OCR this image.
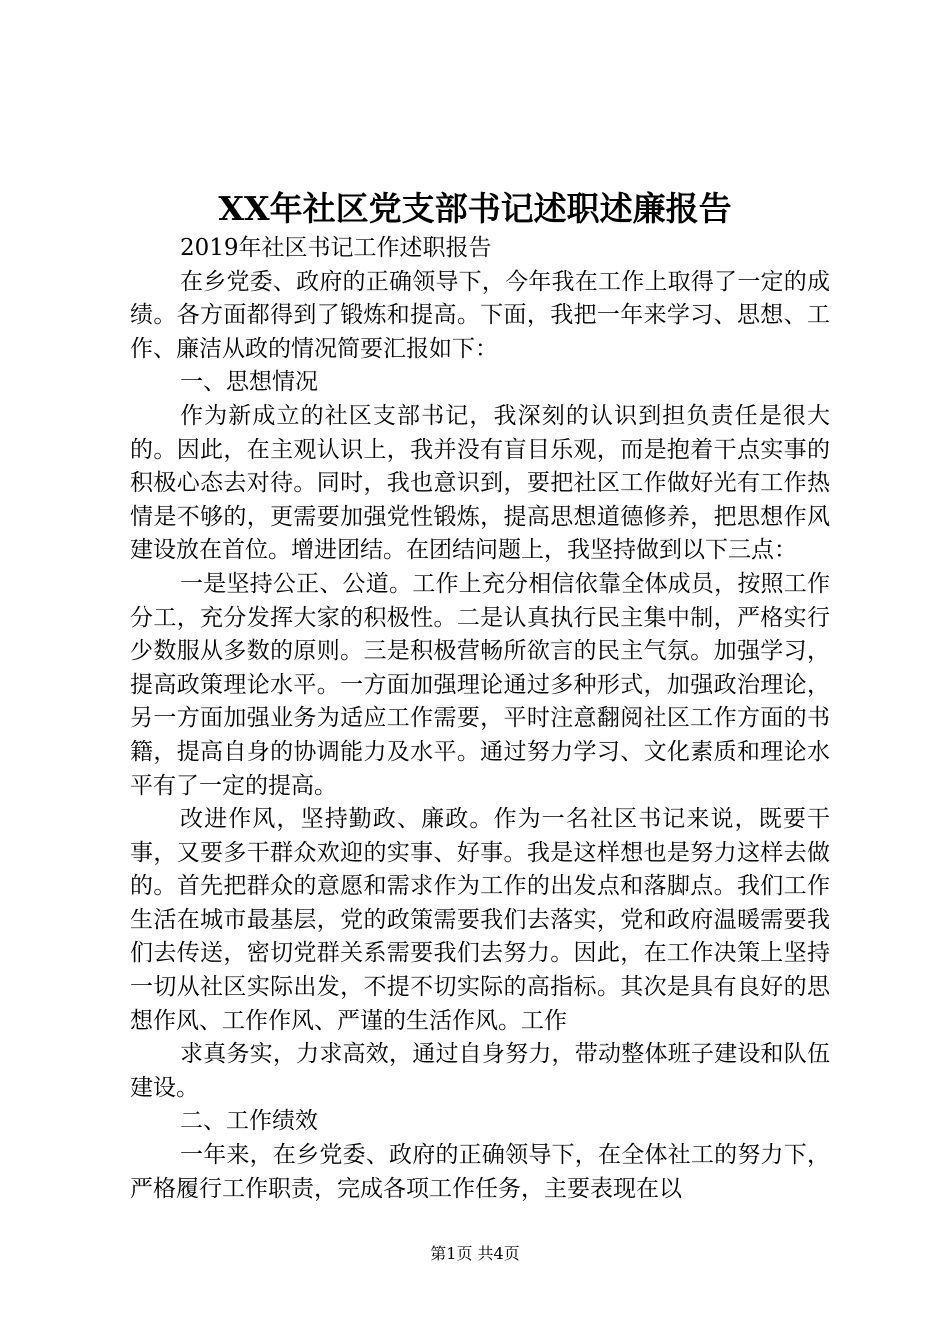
XX年社区党支部书记述职述廉报告

2019年社区书记工作述职报告

在乡党委、政府的正确领导下，今年我在工作上取得了一定的成绩。各方面都得到了锻炼和提高。下面，我把一年来学习、思想、工作、廉洁从政的情况简要汇报如下：

一、思想情况

作为新成立的社区支部书记，我深刻的认识到担负责任是很大的。因此，在主观认识上，我并没有盲目乐观，而是抱着干点实事的积极心态去对待。同时，我也意识到，要把社区工作做好光有工作热情是不够的，更需要加强党性锻炼，提高思想道德修养，把思想作风建设放在首位。增进团结。在团结问题上，我坚持做到以下三点：

一是坚持公正、公道。工作上充分相信依靠全体成员，按照工作分工，充分发挥大家的积极性。二是认真执行民主集中制，严格实行少数服从多数的原则。三是积极营畅所欲言的民主气氛。加强学习，提高政策理论水平。一方面加强理论通过多种形式，加强政治理论，另一方面加强业务为适应工作需要，平时注意翻阅社区工作方面的书籍，提高自身的协调能力及水平。通过努力学习、文化素质和理论水平有了一定的提高。

改进作风，坚持勤政、廉政。作为一名社区书记来说，既要干事，又要多干群众欢迎的实事、好事。我是这样想也是努力这样去做的。首先把群众的意愿和需求作为工作的出发点和落脚点。我们工作生活在城市最基层，党的政策需要我们去落实，党和政府温暖需要我们去传送，密切党群关系需要我们去努力。因此，在工作决策上坚持一切从社区实际出发，不提不切实际的高指标。其次是具有良好的思想作风、工作作风、严谨的生活作风。工作

求真务实，力求高效，通过自身努力，带动整体班子建设和队伍建设。

二、工作绩效

一年来，在乡党委、政府的正确领导下，在全体社工的努力下，严格履行工作职责，完成各项工作任务，主要表现在以

第1页 共4页
